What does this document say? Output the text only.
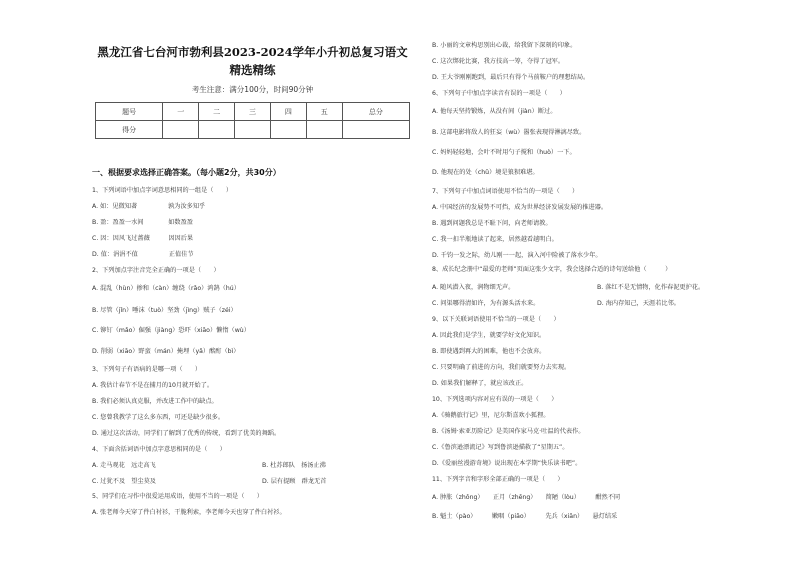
黑龙江省七台河市勃利县2023-2024学年小升初总复习语文
精选精练
考生注意：满分100分，时间90分钟
题号	一	二	三	四	五	总分
得分						
一、根据要求选择正确答案。（每小题2分，共30分）
1、下列词语中加点字词意思相同的一组是（　　）
A. 如：见微知著　　　　　孰为汝多知乎
B. 盈：盈盈一水间　　　　如数盈盈
C. 因：因风飞过蔷薇　　　因因后果
D. 值：涓涓不值　　　　　正值佳节
2、下列加点字注音完全正确的一项是（　　）
A. 混乱（hùn）掺和（càn）缠绕（rǎo）鸿鹄（hú）
B. 尽管（jǐn）唾沫（tuò）坚劲（jìng）贼子（zéi）
C. 铆钉（mǎo）倔强（jiàng）恐吓（xiāo）懒惰（wù）
D. 削弱（xiāo）野蛮（mán）掩埋（yǎ）酩酊（bì）
3、下列句子有语病的是哪一项（　　）
A. 我估计春节不是在捕月的10月就开始了。
B. 我们必须认真克服，并改进工作中的缺点。
C. 您曾我教学了这么多东西，可还是缺少很多。
D. 通过这次活动，同学们了解到了优秀的传统，看到了优美的舞蹈。
4、下面含括词语中加点字意思相同的是（　　）
A. 走马观花　远走高飞	B. 杜苏郎队　扬汤止沸
C. 过犹不及　望尘莫及	D. 层有提顾　群龙无首
5、同学们在习作中很爱运用成语，使用不当的一项是（　　）
A. 张老师今天穿了件白衬衫，干脆利索，李老师今天也穿了件白衬衫。
B. 小丽的文章构思别出心裁，给我留下深刻的印象。
C. 这次绑轮比赛，我方技高一筹，夺得了冠军。
D. 王大爷刚刚跑到，最后只有得个马前鞍户的理想结局。
6、下列句子中加点字读音有误的一项是（　　）
A. 他每天坚持锻炼，从没有间（jiàn）断过。
B. 这部电影将敌人的狂妄（wù）嚣张表现得淋漓尽致。
C. 妈妈轻轻地，会叶不时用勺子搅和（huò）一下。
D. 他现在的处（chǔ）境是狼狈难堪。
7、下列句子中加点词语使用不恰当的一项是（　　）
A. 中国经济的发展势不可挡，成为世界经济发展发展的推进器。
B. 遇到问题我总是不耻下问，向老师请教。
C. 我一扣半瓶地读了起来，居然越看越明白。
D. 千钧一发之际，幼儿刚一一起，演入河中险被了落水少年。
8、成长纪念册中“最爱的老师”页面这张少文字，我会选择合适的诗句送给他（　　　）
A. 随风潜入夜，润物细无声。	B. 落红不是无情物，化作春泥更护花。
C. 问渠哪得清如许，为有源头活水来。	D. 海内存知己，天涯若比邻。
9、以下关联词语使用不恰当的一项是（　　）
A. 因此我们是学生，就要学好文化知识。
B. 即使遇到再大的困难，他也不会放弃。
C. 只要明确了前进的方向，我们就要努力去实现。
D. 如果我们解释了，就应该改正。
10、下列选项内容对应有误的一项是（　　）
A.《骑鹅旅行记》里，尼尔斯喜欢小狐狸。
B.《汤姆·索亚历险记》是美国作家马克·吐温的代表作。
C.《鲁滨逊漂流记》写到鲁滨逊描救了“星期五”。
D.《爱丽丝漫游奇境》说出现在本学期“快乐读书吧”。
11、下列字音和字形全部正确的一项是（　　）
A. 肿胀（zhǒng）　　正月（zhēng）　　简陋（lòu）　　　酣然不同
B. 魁土（pào）　　　嫩咽（piāo）　　　先兵（xiān）　　悬灯结采
